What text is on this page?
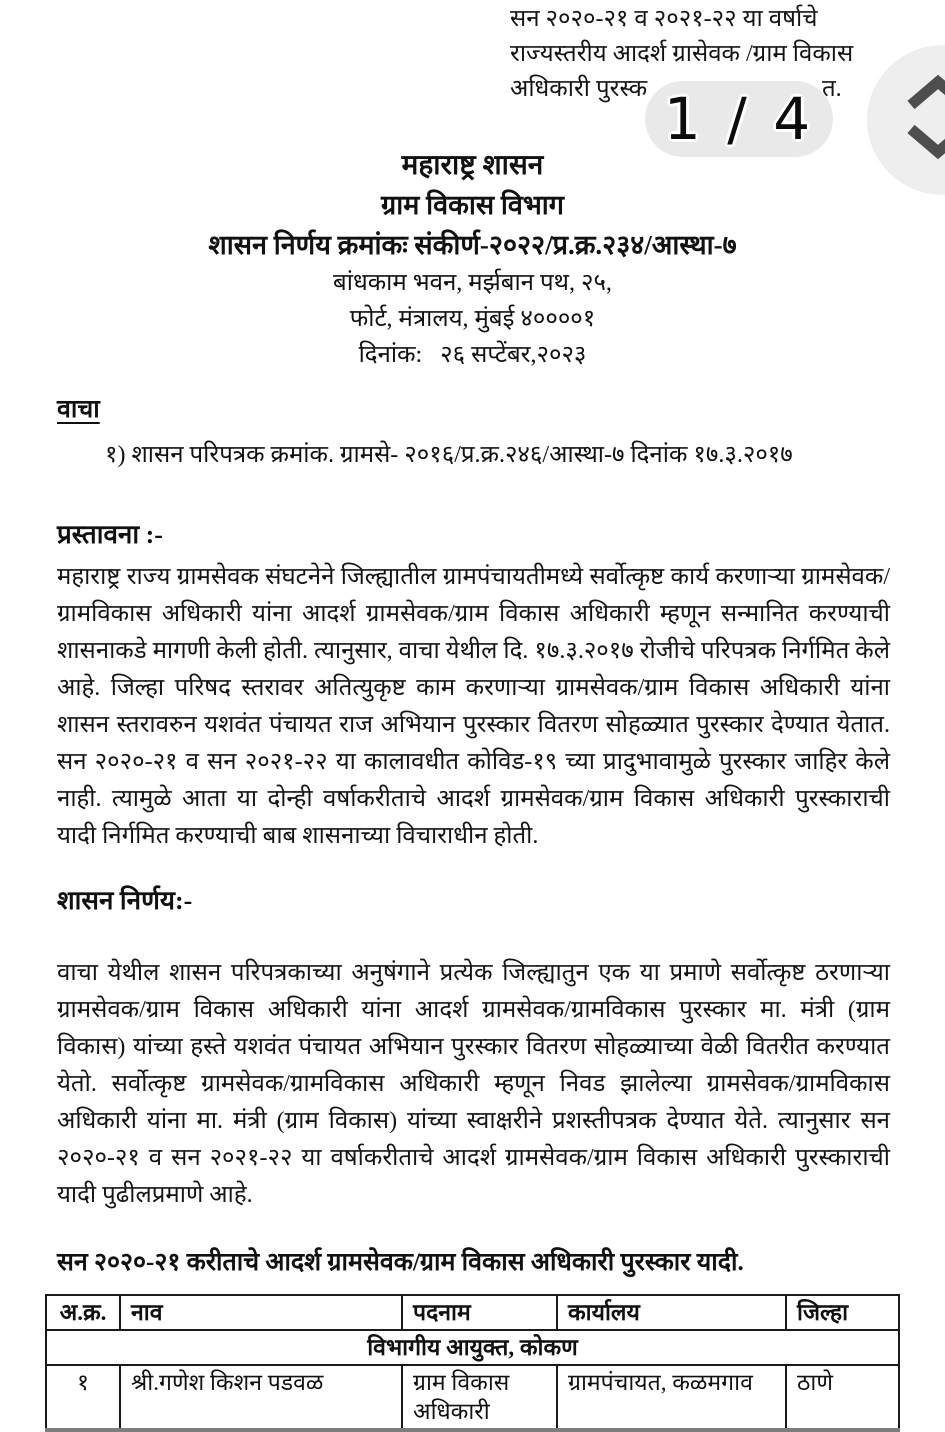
सन २०२०-२१ व २०२१-२२ या वर्षाचे
राज्यस्तरीय आदर्श ग्रासेवक /ग्राम विकास
अधिकारी पुरस्क	त.
1 / 4
महाराष्ट्र शासन
ग्राम विकास विभाग
शासन निर्णय क्रमांकः संकीर्ण-२०२२/प्र.क्र.२३४/आस्था-७
बांधकाम भवन, मर्झबान पथ, २५,
फोर्ट, मंत्रालय, मुंबई ४००००१
दिनांक:   २६ सप्टेंबर,२०२३
वाचा
१) शासन परिपत्रक क्रमांक. ग्रामसे- २०१६/प्र.क्र.२४६/आस्था-७ दिनांक १७.३.२०१७
प्रस्तावना :-
महाराष्ट्र राज्य ग्रामसेवक संघटनेने जिल्ह्यातील ग्रामपंचायतीमध्ये सर्वोत्कृष्ट कार्य करणाऱ्या ग्रामसेवक/ग्रामविकास अधिकारी यांना आदर्श ग्रामसेवक/ग्राम विकास अधिकारी म्हणून सन्मानित करण्याची शासनाकडे मागणी केली होती. त्यानुसार, वाचा येथील दि. १७.३.२०१७ रोजीचे परिपत्रक निर्गमित केले आहे. जिल्हा परिषद स्तरावर अतित्युकृष्ट काम करणाऱ्या ग्रामसेवक/ग्राम विकास अधिकारी यांना शासन स्तरावरुन यशवंत पंचायत राज अभियान पुरस्कार वितरण सोहळ्यात पुरस्कार देण्यात येतात. सन २०२०-२१ व सन २०२१-२२ या कालावधीत कोविड-१९ च्या प्रादुभावामुळे पुरस्कार जाहिर केले नाही. त्यामुळे आता या दोन्ही वर्षाकरीताचे आदर्श ग्रामसेवक/ग्राम विकास अधिकारी पुरस्काराची यादी निर्गमित करण्याची बाब शासनाच्या विचाराधीन होती.
शासन निर्णय:-
वाचा येथील शासन परिपत्रकाच्या अनुषंगाने प्रत्येक जिल्ह्यातुन एक या प्रमाणे सर्वोत्कृष्ट ठरणाऱ्या ग्रामसेवक/ग्राम विकास अधिकारी यांना आदर्श ग्रामसेवक/ग्रामविकास पुरस्कार मा. मंत्री (ग्राम विकास) यांच्या हस्ते यशवंत पंचायत अभियान पुरस्कार वितरण सोहळ्याच्या वेळी वितरीत करण्यात येतो. सर्वोत्कृष्ट ग्रामसेवक/ग्रामविकास अधिकारी म्हणून निवड झालेल्या ग्रामसेवक/ग्रामविकास अधिकारी यांना मा. मंत्री (ग्राम विकास) यांच्या स्वाक्षरीने प्रशस्तीपत्रक देण्यात येते. त्यानुसार सन २०२०-२१ व सन २०२१-२२ या वर्षाकरीताचे आदर्श ग्रामसेवक/ग्राम विकास अधिकारी पुरस्काराची यादी पुढीलप्रमाणे आहे.
सन २०२०-२१ करीताचे आदर्श ग्रामसेवक/ग्राम विकास अधिकारी पुरस्कार यादी.
अ.क्र.	नाव	पदनाम	कार्यालय	जिल्हा
विभागीय आयुक्त, कोकण				
१	श्री.गणेश किशन पडवळ	ग्राम विकास अधिकारी	ग्रामपंचायत, कळमगाव	ठाणे
